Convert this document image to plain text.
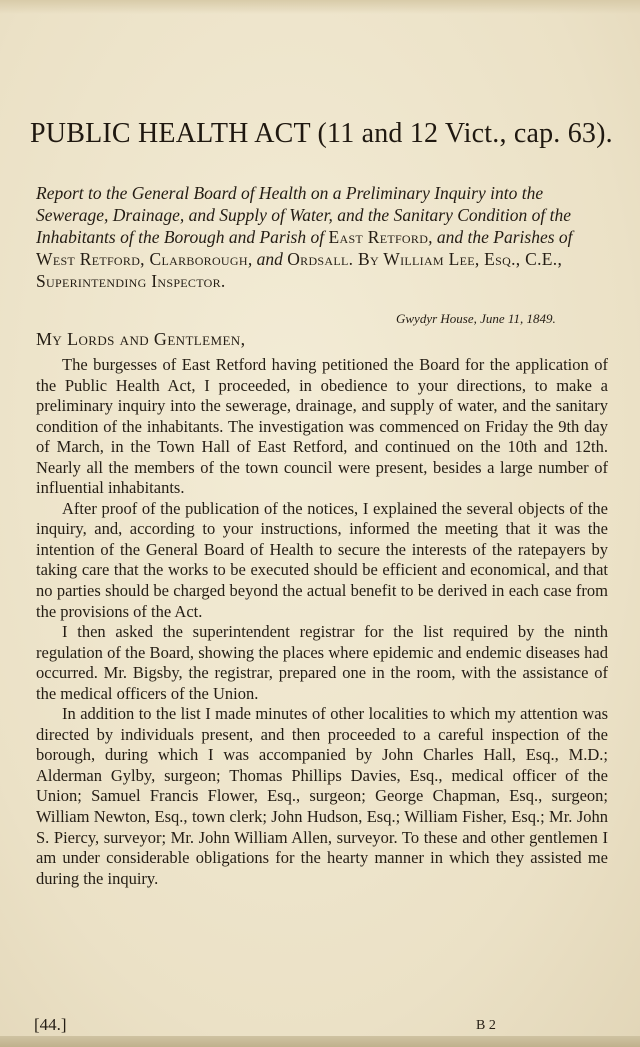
PUBLIC HEALTH ACT (11 and 12 Vict., cap. 63).
Report to the General Board of Health on a Preliminary Inquiry into the Sewerage, Drainage, and Supply of Water, and the Sanitary Condition of the Inhabitants of the Borough and Parish of East Retford, and the Parishes of West Retford, Clarborough, and Ordsall. By William Lee, Esq., C.E., Superintending Inspector.
Gwydyr House, June 11, 1849.
My Lords and Gentlemen,

The burgesses of East Retford having petitioned the Board for the application of the Public Health Act, I proceeded, in obedience to your directions, to make a preliminary inquiry into the sewerage, drainage, and supply of water, and the sanitary condition of the inhabitants. The investigation was commenced on Friday the 9th day of March, in the Town Hall of East Retford, and continued on the 10th and 12th. Nearly all the members of the town council were present, besides a large number of influential inhabitants.

After proof of the publication of the notices, I explained the several objects of the inquiry, and, according to your instructions, informed the meeting that it was the intention of the General Board of Health to secure the interests of the ratepayers by taking care that the works to be executed should be efficient and economical, and that no parties should be charged beyond the actual benefit to be derived in each case from the provisions of the Act.

I then asked the superintendent registrar for the list required by the ninth regulation of the Board, showing the places where epidemic and endemic diseases had occurred. Mr. Bigsby, the registrar, prepared one in the room, with the assistance of the medical officers of the Union.

In addition to the list I made minutes of other localities to which my attention was directed by individuals present, and then proceeded to a careful inspection of the borough, during which I was accompanied by John Charles Hall, Esq., M.D.; Alderman Gylby, surgeon; Thomas Phillips Davies, Esq., medical officer of the Union; Samuel Francis Flower, Esq., surgeon; George Chapman, Esq., surgeon; William Newton, Esq., town clerk; John Hudson, Esq.; William Fisher, Esq.; Mr. John S. Piercy, surveyor; Mr. John William Allen, surveyor. To these and other gentlemen I am under considerable obligations for the hearty manner in which they assisted me during the inquiry.

[44.]	B 2
